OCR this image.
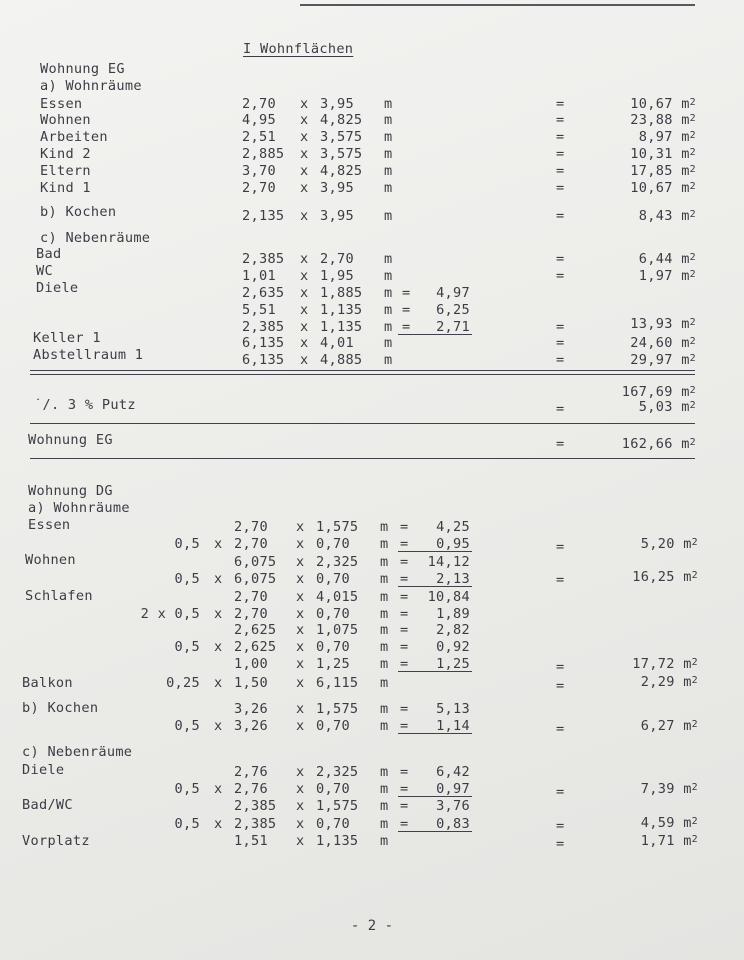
I Wohnflächen
Wohnung EG
a) Wohnräume
Essen	2,70 x 3,95 m	=	10,67 $m^2$
Wohnen	4,95 x 4,825 m	=	23,88 $m^2$
Arbeiten	2,51 x 3,575 m	=	8,97 $m^2$
Kind 2	2,885 x 3,575 m	=	10,31 $m^2$
Eltern	3,70 x 4,825 m	=	17,85 $m^2$
Kind 1	2,70 x 3,95 m	=	10,67 $m^2$
b) Kochen	2,135 x 3,95 m	=	8,43 $m^2$
c) Nebenräume
Bad	2,385 x 2,70 m	=	6,44 $m^2$
WC	1,01 x 1,95 m	=	1,97 $m^2$
Diele	2,635 x 1,885 m =	4,97
5,51 x 1,135 m =	6,25
2,385 x 1,135 m =	2,71	=	13,93 $m^2$
Keller 1	6,135 x 4,01 m	=	24,60 $m^2$
Abstellraum 1	6,135 x 4,885 m	=	29,97 $m^2$
167,69 $m^2$
˙/. 3 % Putz	=	5,03 $m^2$
Wohnung EG	=	162,66 $m^2$
Wohnung DG
a) Wohnräume
Essen	2,70 x 1,575 m =	4,25
0,5 x 2,70 x 0,70 m =	0,95	=	5,20 $m^2$
Wohnen	6,075 x 2,325 m =	14,12
0,5 x 6,075 x 0,70 m =	2,13	=	16,25 $m^2$
Schlafen	2,70 x 4,015 m =	10,84
2 x 0,5 x 2,70 x 0,70 m =	1,89
2,625 x 1,075 m =	2,82
0,5 x 2,625 x 0,70 m =	0,92
1,00 x 1,25 m =	1,25	=	17,72 $m^2$
Balkon	0,25 x 1,50 x 6,115 m	=	2,29 $m^2$
b) Kochen	3,26 x 1,575 m =	5,13
0,5 x 3,26 x 0,70 m =	1,14	=	6,27 $m^2$
c) Nebenräume
Diele	2,76 x 2,325 m =	6,42
0,5 x 2,76 x 0,70 m =	0,97	=	7,39 $m^2$
Bad/WC	2,385 x 1,575 m =	3,76
0,5 x 2,385 x 0,70 m =	0,83	=	4,59 $m^2$
Vorplatz	1,51 x 1,135 m	=	1,71 $m^2$
- 2 -
